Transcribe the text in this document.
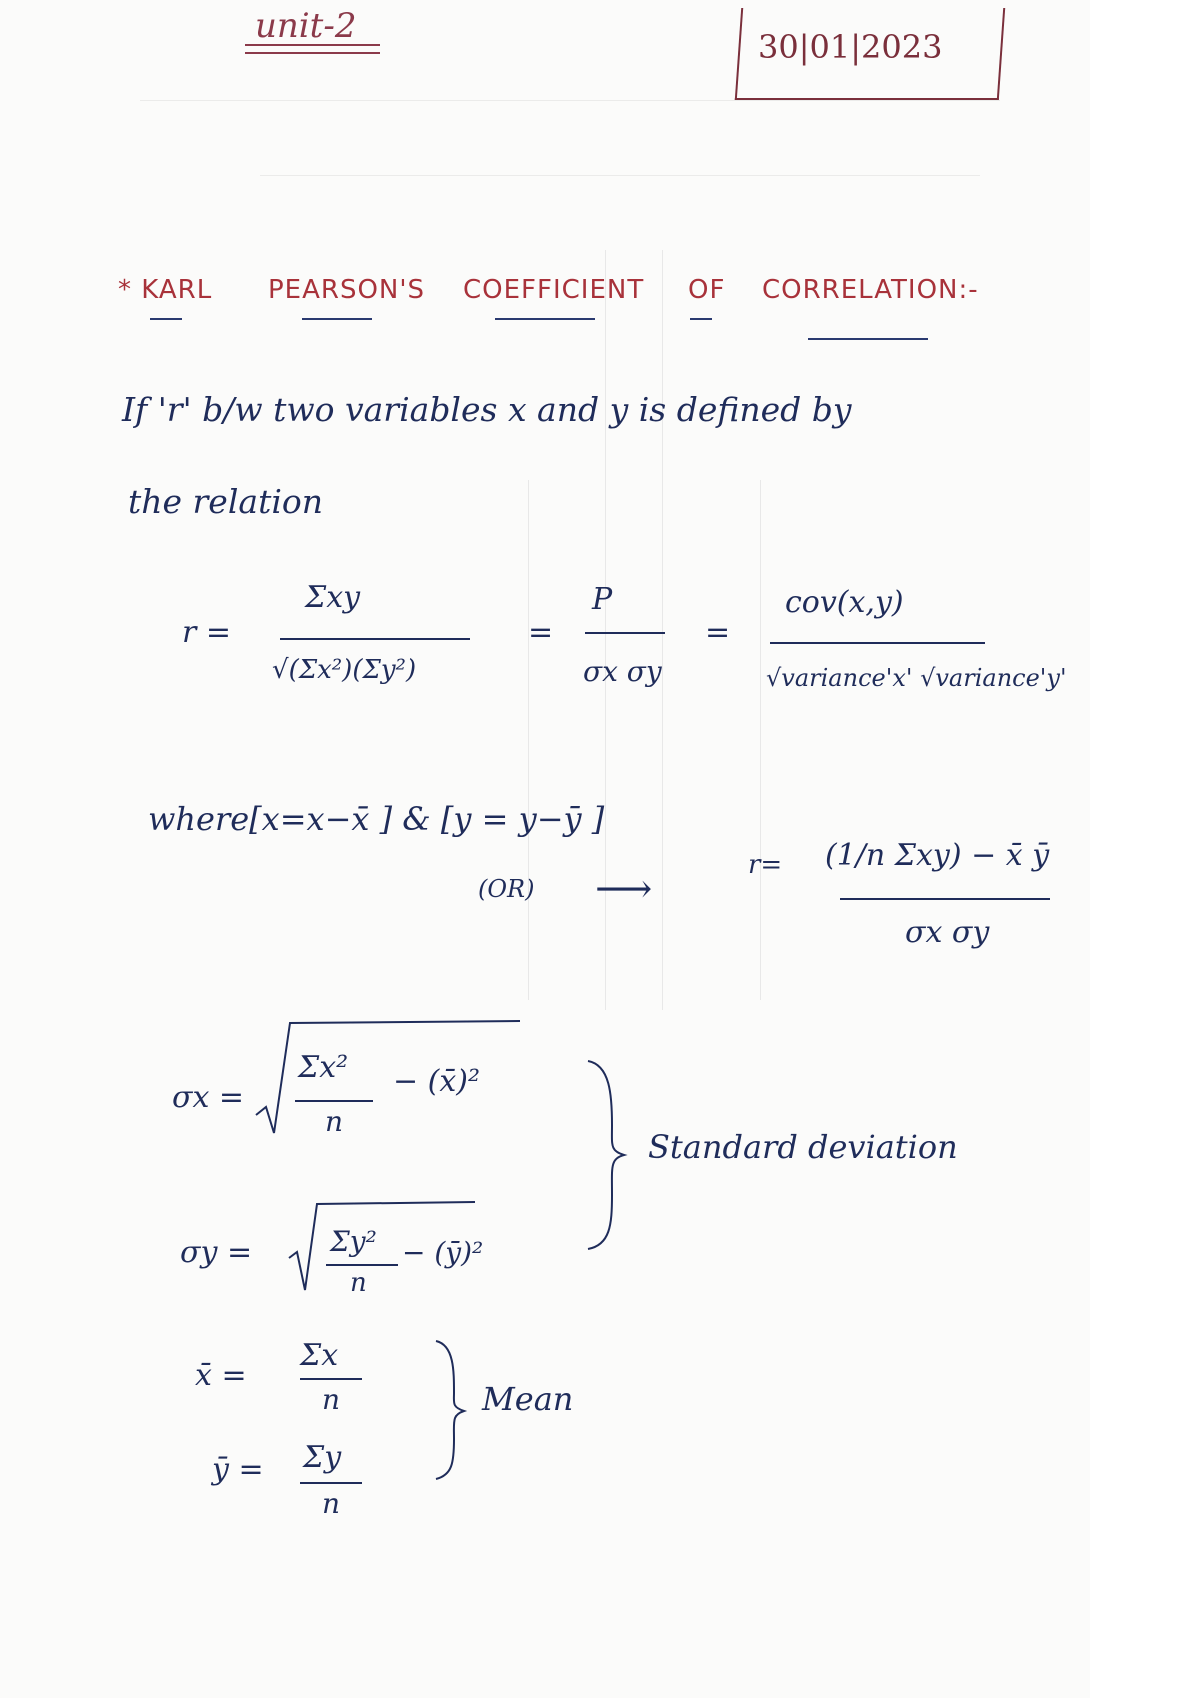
unit-2
30|01|2023
* KARL PEARSON'S COEFFICIENT OF CORRELATION:-
If 'r' b/w two variables x and y is defined by
the relation
r =
Σxy
√(Σx²)(Σy²)
=
P
σx σy
=
cov(x,y)
√variance'x' √variance'y'
where[x=x−x̄ ] & [y = y−ȳ ]
(OR) ⟶
r= (1/n Σxy) − x̄ ȳ
σx σy
σx =
Σx²
n
− (x̄)²
σy =	Σy²
n
− (ȳ)²
Standard deviation
x̄ =
Σx
n
ȳ = Σy
n
Mean
